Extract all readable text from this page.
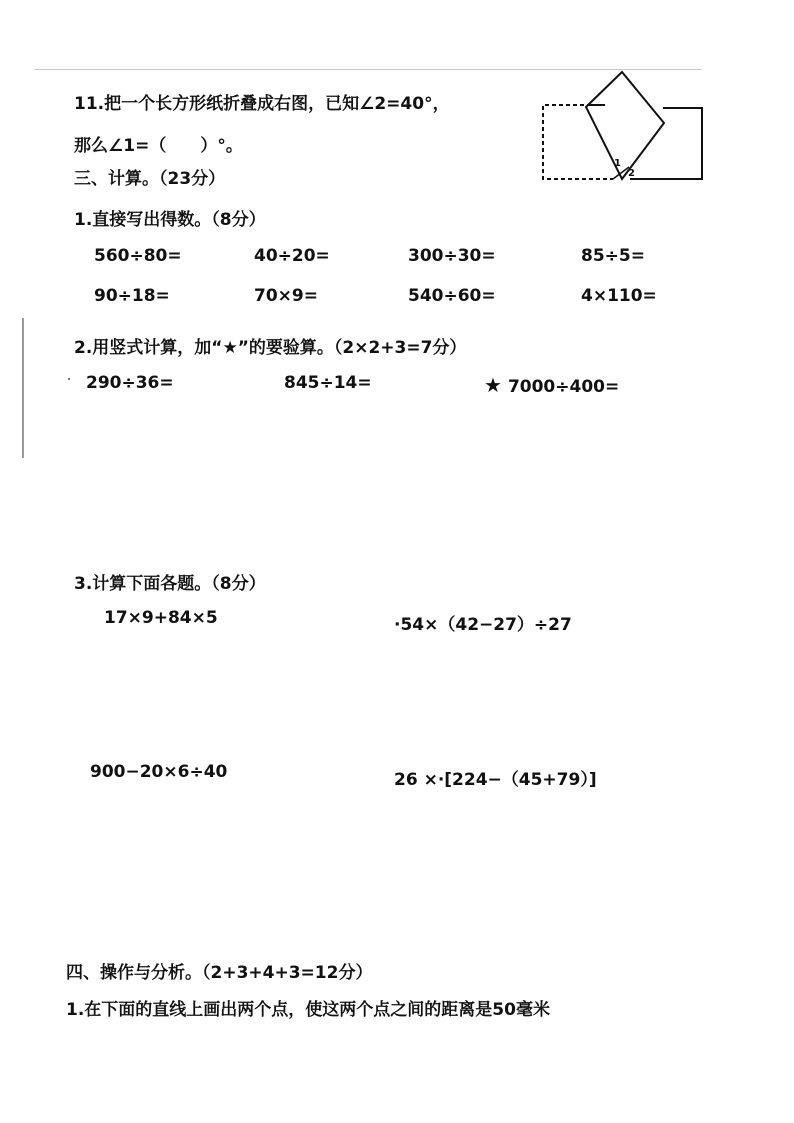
11.把一个长方形纸折叠成右图，已知∠2=40°，
那么∠1=（　　）°。
1
2
三、计算。（23分）
1.直接写出得数。（8分）
560÷80=	40÷20=	300÷30=	85÷5=
90÷18=	70×9=	540÷60=	4×110=
2.用竖式计算，加“★”的要验算。（2×2+3=7分）
290÷36=	845÷14=	★ 7000÷400=
3.计算下面各题。（8分）
17×9+84×5	·54×（42−27）÷27
900−20×6÷40	26 ×·[224−（45+79）]
四、操作与分析。（2+3+4+3=12分）
1.在下面的直线上画出两个点，使这两个点之间的距离是50毫米
